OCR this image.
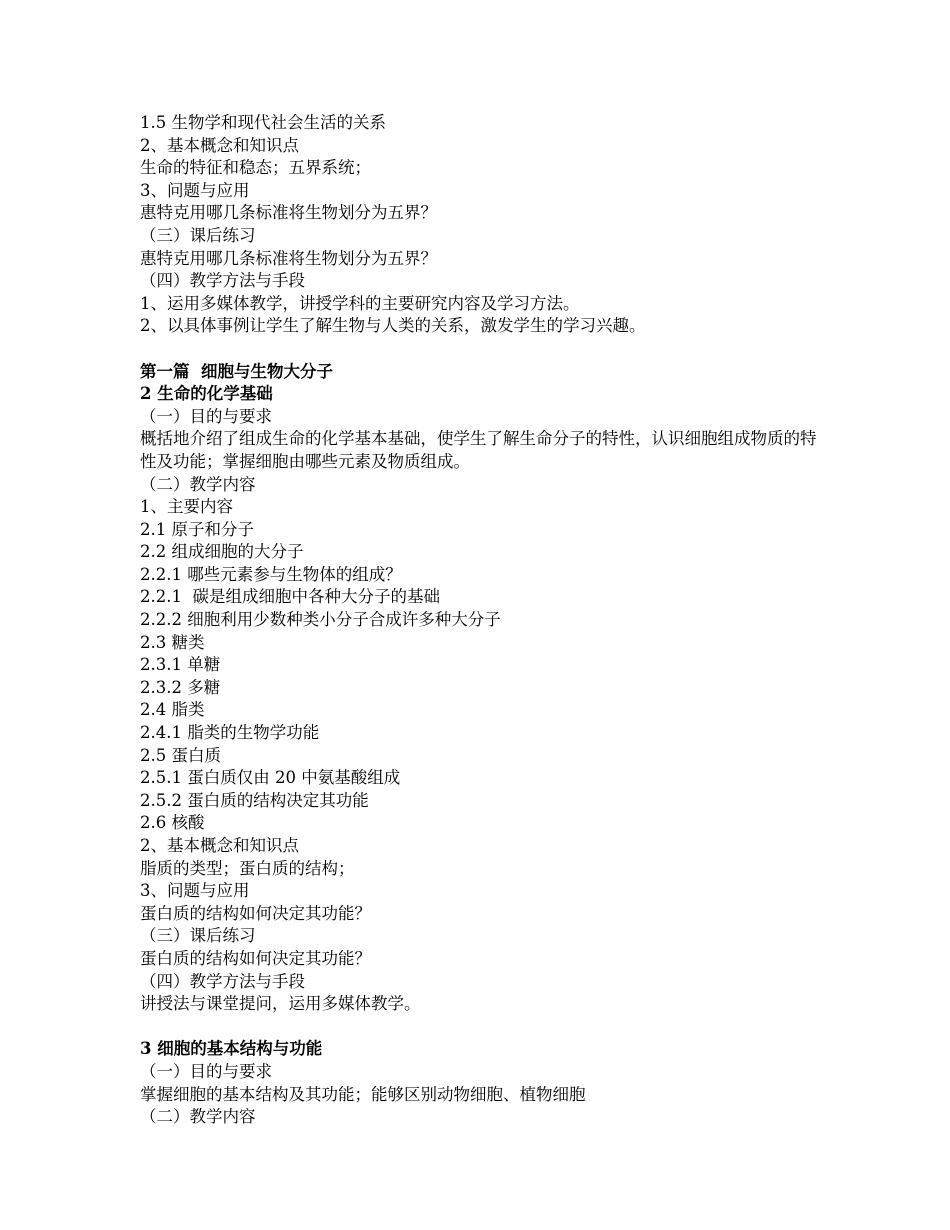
1.5 生物学和现代社会生活的关系
2、基本概念和知识点
生命的特征和稳态；五界系统；
3、问题与应用
惠特克用哪几条标准将生物划分为五界？
（三）课后练习
惠特克用哪几条标准将生物划分为五界？
（四）教学方法与手段
1、运用多媒体教学，讲授学科的主要研究内容及学习方法。
2、以具体事例让学生了解生物与人类的关系，激发学生的学习兴趣。
第一篇  细胞与生物大分子
2 生命的化学基础
（一）目的与要求
概括地介绍了组成生命的化学基本基础，使学生了解生命分子的特性，认识细胞组成物质的特性及功能；掌握细胞由哪些元素及物质组成。
（二）教学内容
1、主要内容
2.1 原子和分子
2.2 组成细胞的大分子
2.2.1 哪些元素参与生物体的组成？
2.2.1  碳是组成细胞中各种大分子的基础
2.2.2 细胞利用少数种类小分子合成许多种大分子
2.3 糖类
2.3.1 单糖
2.3.2 多糖
2.4 脂类
2.4.1 脂类的生物学功能
2.5 蛋白质
2.5.1 蛋白质仅由 20 中氨基酸组成
2.5.2 蛋白质的结构决定其功能
2.6 核酸
2、基本概念和知识点
脂质的类型；蛋白质的结构；
3、问题与应用
蛋白质的结构如何决定其功能？
（三）课后练习
蛋白质的结构如何决定其功能？
（四）教学方法与手段
讲授法与课堂提问，运用多媒体教学。
3 细胞的基本结构与功能
（一）目的与要求
掌握细胞的基本结构及其功能；能够区别动物细胞、植物细胞
（二）教学内容
